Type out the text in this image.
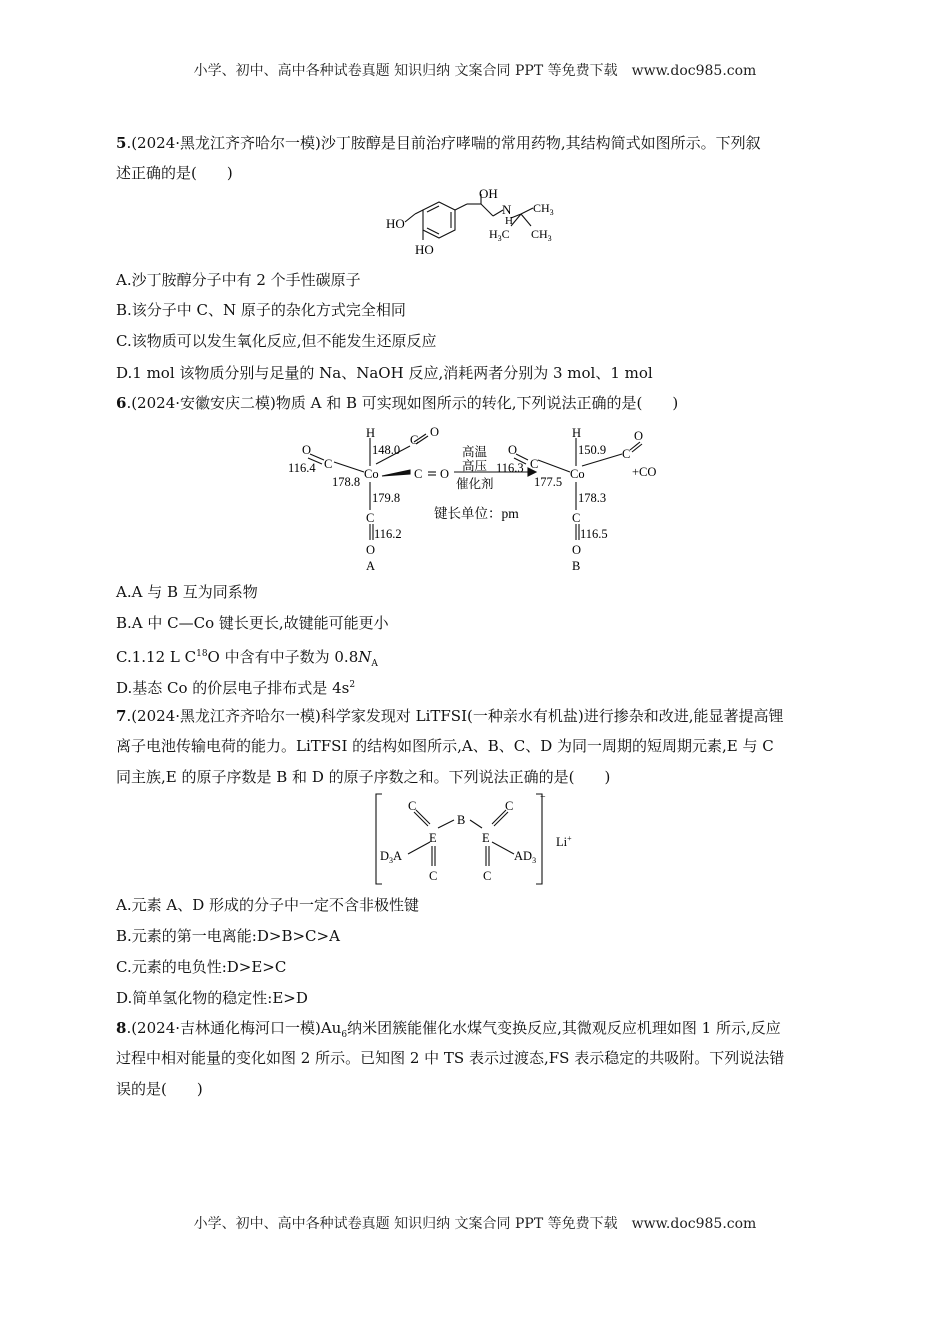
小学、初中、高中各种试卷真题 知识归纳 文案合同 PPT 等免费下载 www.doc985.com
5.(2024·黑龙江齐齐哈尔一模)沙丁胺醇是目前治疗哮喘的常用药物,其结构简式如图所示。下列叙
述正确的是(　　)
OH
HO
HO
N
H
$CH_3$
$CH_3$
$H_3C$
A.沙丁胺醇分子中有 2 个手性碳原子
B.该分子中 C、N 原子的杂化方式完全相同
C.该物质可以发生氧化反应,但不能发生还原反应
D.1 mol 该物质分别与足量的 Na、NaOH 反应,消耗两者分别为 3 mol、1 mol
6.(2024·安徽安庆二模)物质 A 和 B 可实现如图所示的转化,下列说法正确的是(　　)
H
148.0
C
O
O
116.4 C
Co
178.8
C O
179.8
C
116.2
O
A
高温
高压
催化剂
键长单位：pm
H
150.9 C
O
+CO
O
116.3 C
Co
177.5
178.3
C
116.5
O
B
A.A 与 B 互为同系物
B.A 中 C—Co 键长更长,故键能可能更小
C.1.12 L $C^{18}O$ 中含有中子数为 $0.8N_A$
D.基态 Co 的价层电子排布式是 $4s^2$
7.(2024·黑龙江齐齐哈尔一模)科学家发现对 LiTFSI(一种亲水有机盐)进行掺杂和改进,能显著提高锂
离子电池传输电荷的能力。LiTFSI 的结构如图所示,A、B、C、D 为同一周期的短周期元素,E 与 C
同主族,E 的原子序数是 B 和 D 的原子序数之和。下列说法正确的是(　　)
C
B
C
E	E
$D_3A$	$AD_3$
C	C
−
Li+
A.元素 A、D 形成的分子中一定不含非极性键
B.元素的第一电离能:D>B>C>A
C.元素的电负性:D>E>C
D.简单氢化物的稳定性:E>D
8.(2024·吉林通化梅河口一模)$Au_6$纳米团簇能催化水煤气变换反应,其微观反应机理如图 1 所示,反应
过程中相对能量的变化如图 2 所示。已知图 2 中 TS 表示过渡态,FS 表示稳定的共吸附。下列说法错
误的是(　　)
小学、初中、高中各种试卷真题 知识归纳 文案合同 PPT 等免费下载 www.doc985.com
